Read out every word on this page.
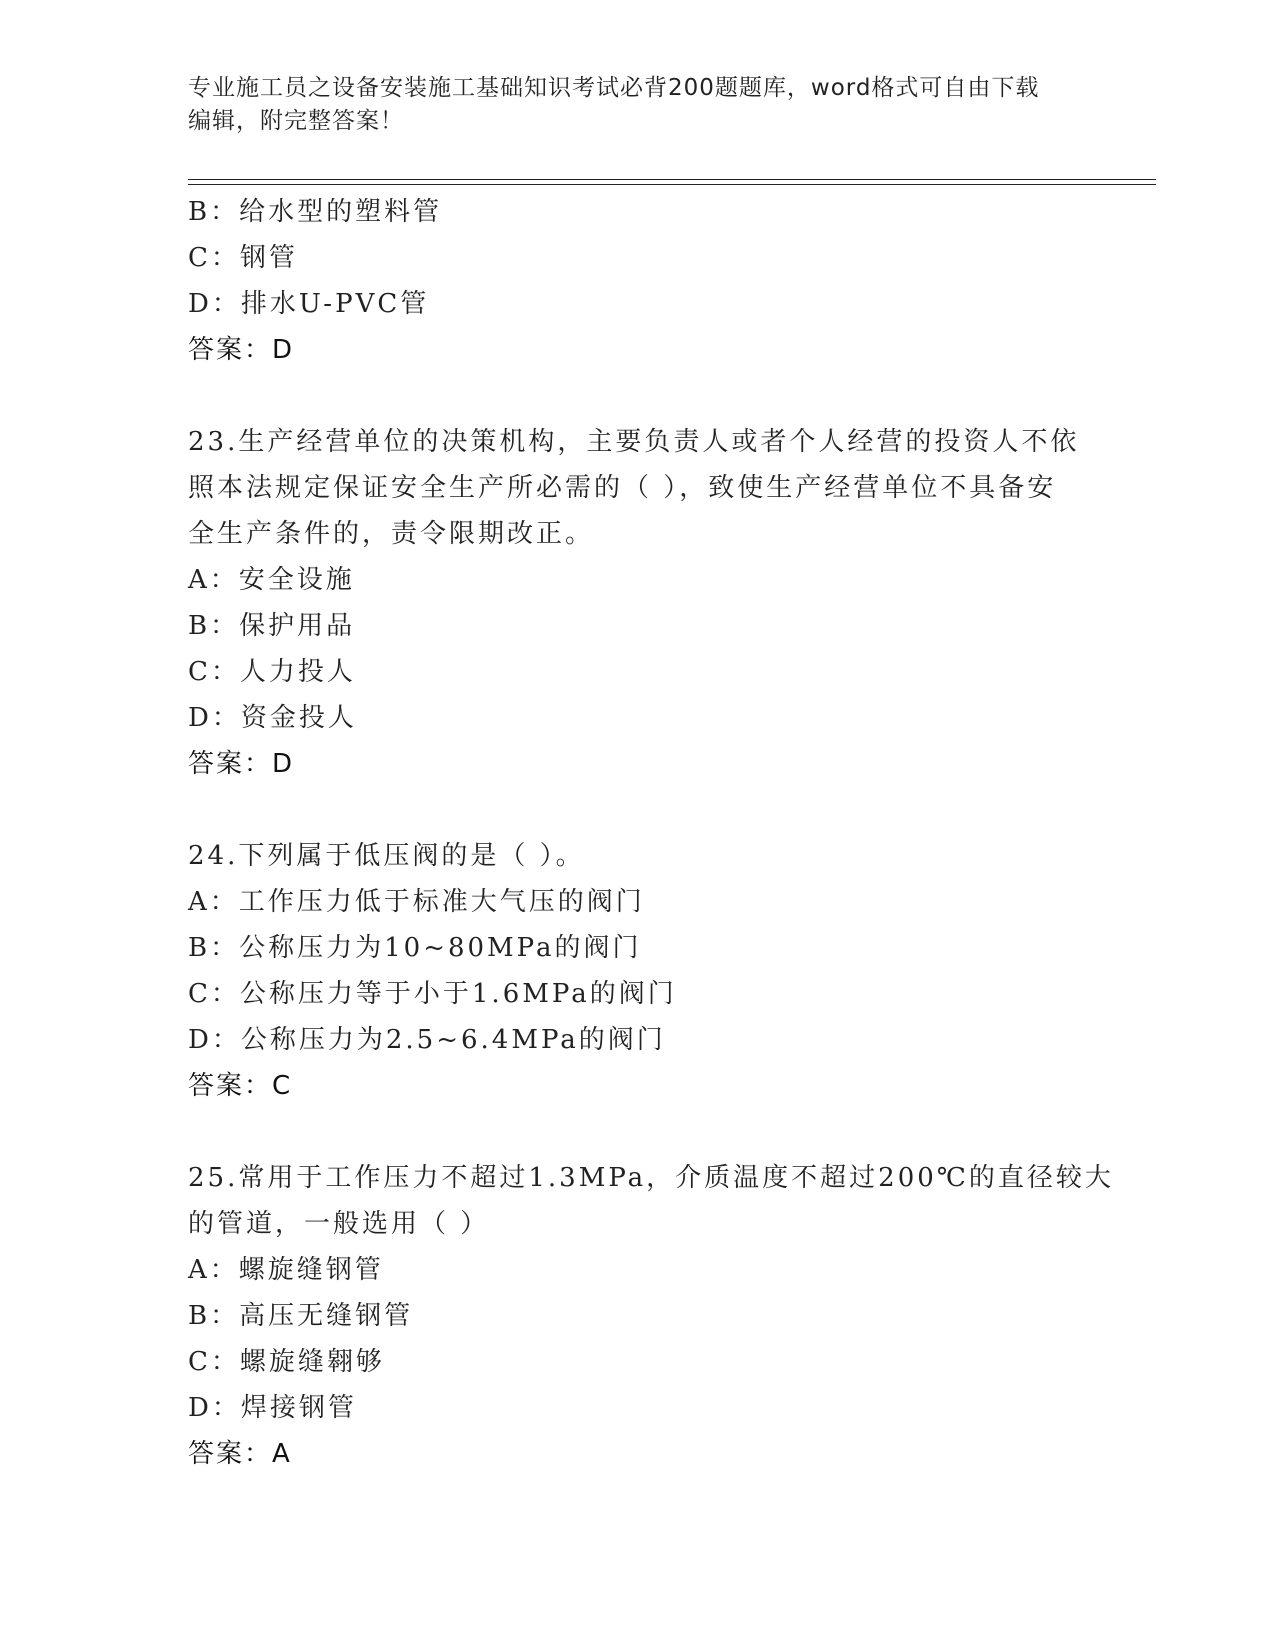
专业施工员之设备安装施工基础知识考试必背200题题库，word格式可自由下载
编辑，附完整答案！
B：给水型的塑料管
C：钢管
D：排水U-PVC管
答案：D
23.生产经营单位的决策机构，主要负责人或者个人经营的投资人不依
照本法规定保证安全生产所必需的（ ），致使生产经营单位不具备安
全生产条件的，责令限期改正。
A：安全设施
B：保护用品
C：人力投人
D：资金投人
答案：D
24.下列属于低压阀的是（ ）。
A：工作压力低于标准大气压的阀门
B：公称压力为10~80MPa的阀门
C：公称压力等于小于1.6MPa的阀门
D：公称压力为2.5~6.4MPa的阀门
答案：C
25.常用于工作压力不超过1.3MPa，介质温度不超过200℃的直径较大
的管道，一般选用（ ）
A：螺旋缝钢管
B：高压无缝钢管
C：螺旋缝翱够
D：焊接钢管
答案：A
